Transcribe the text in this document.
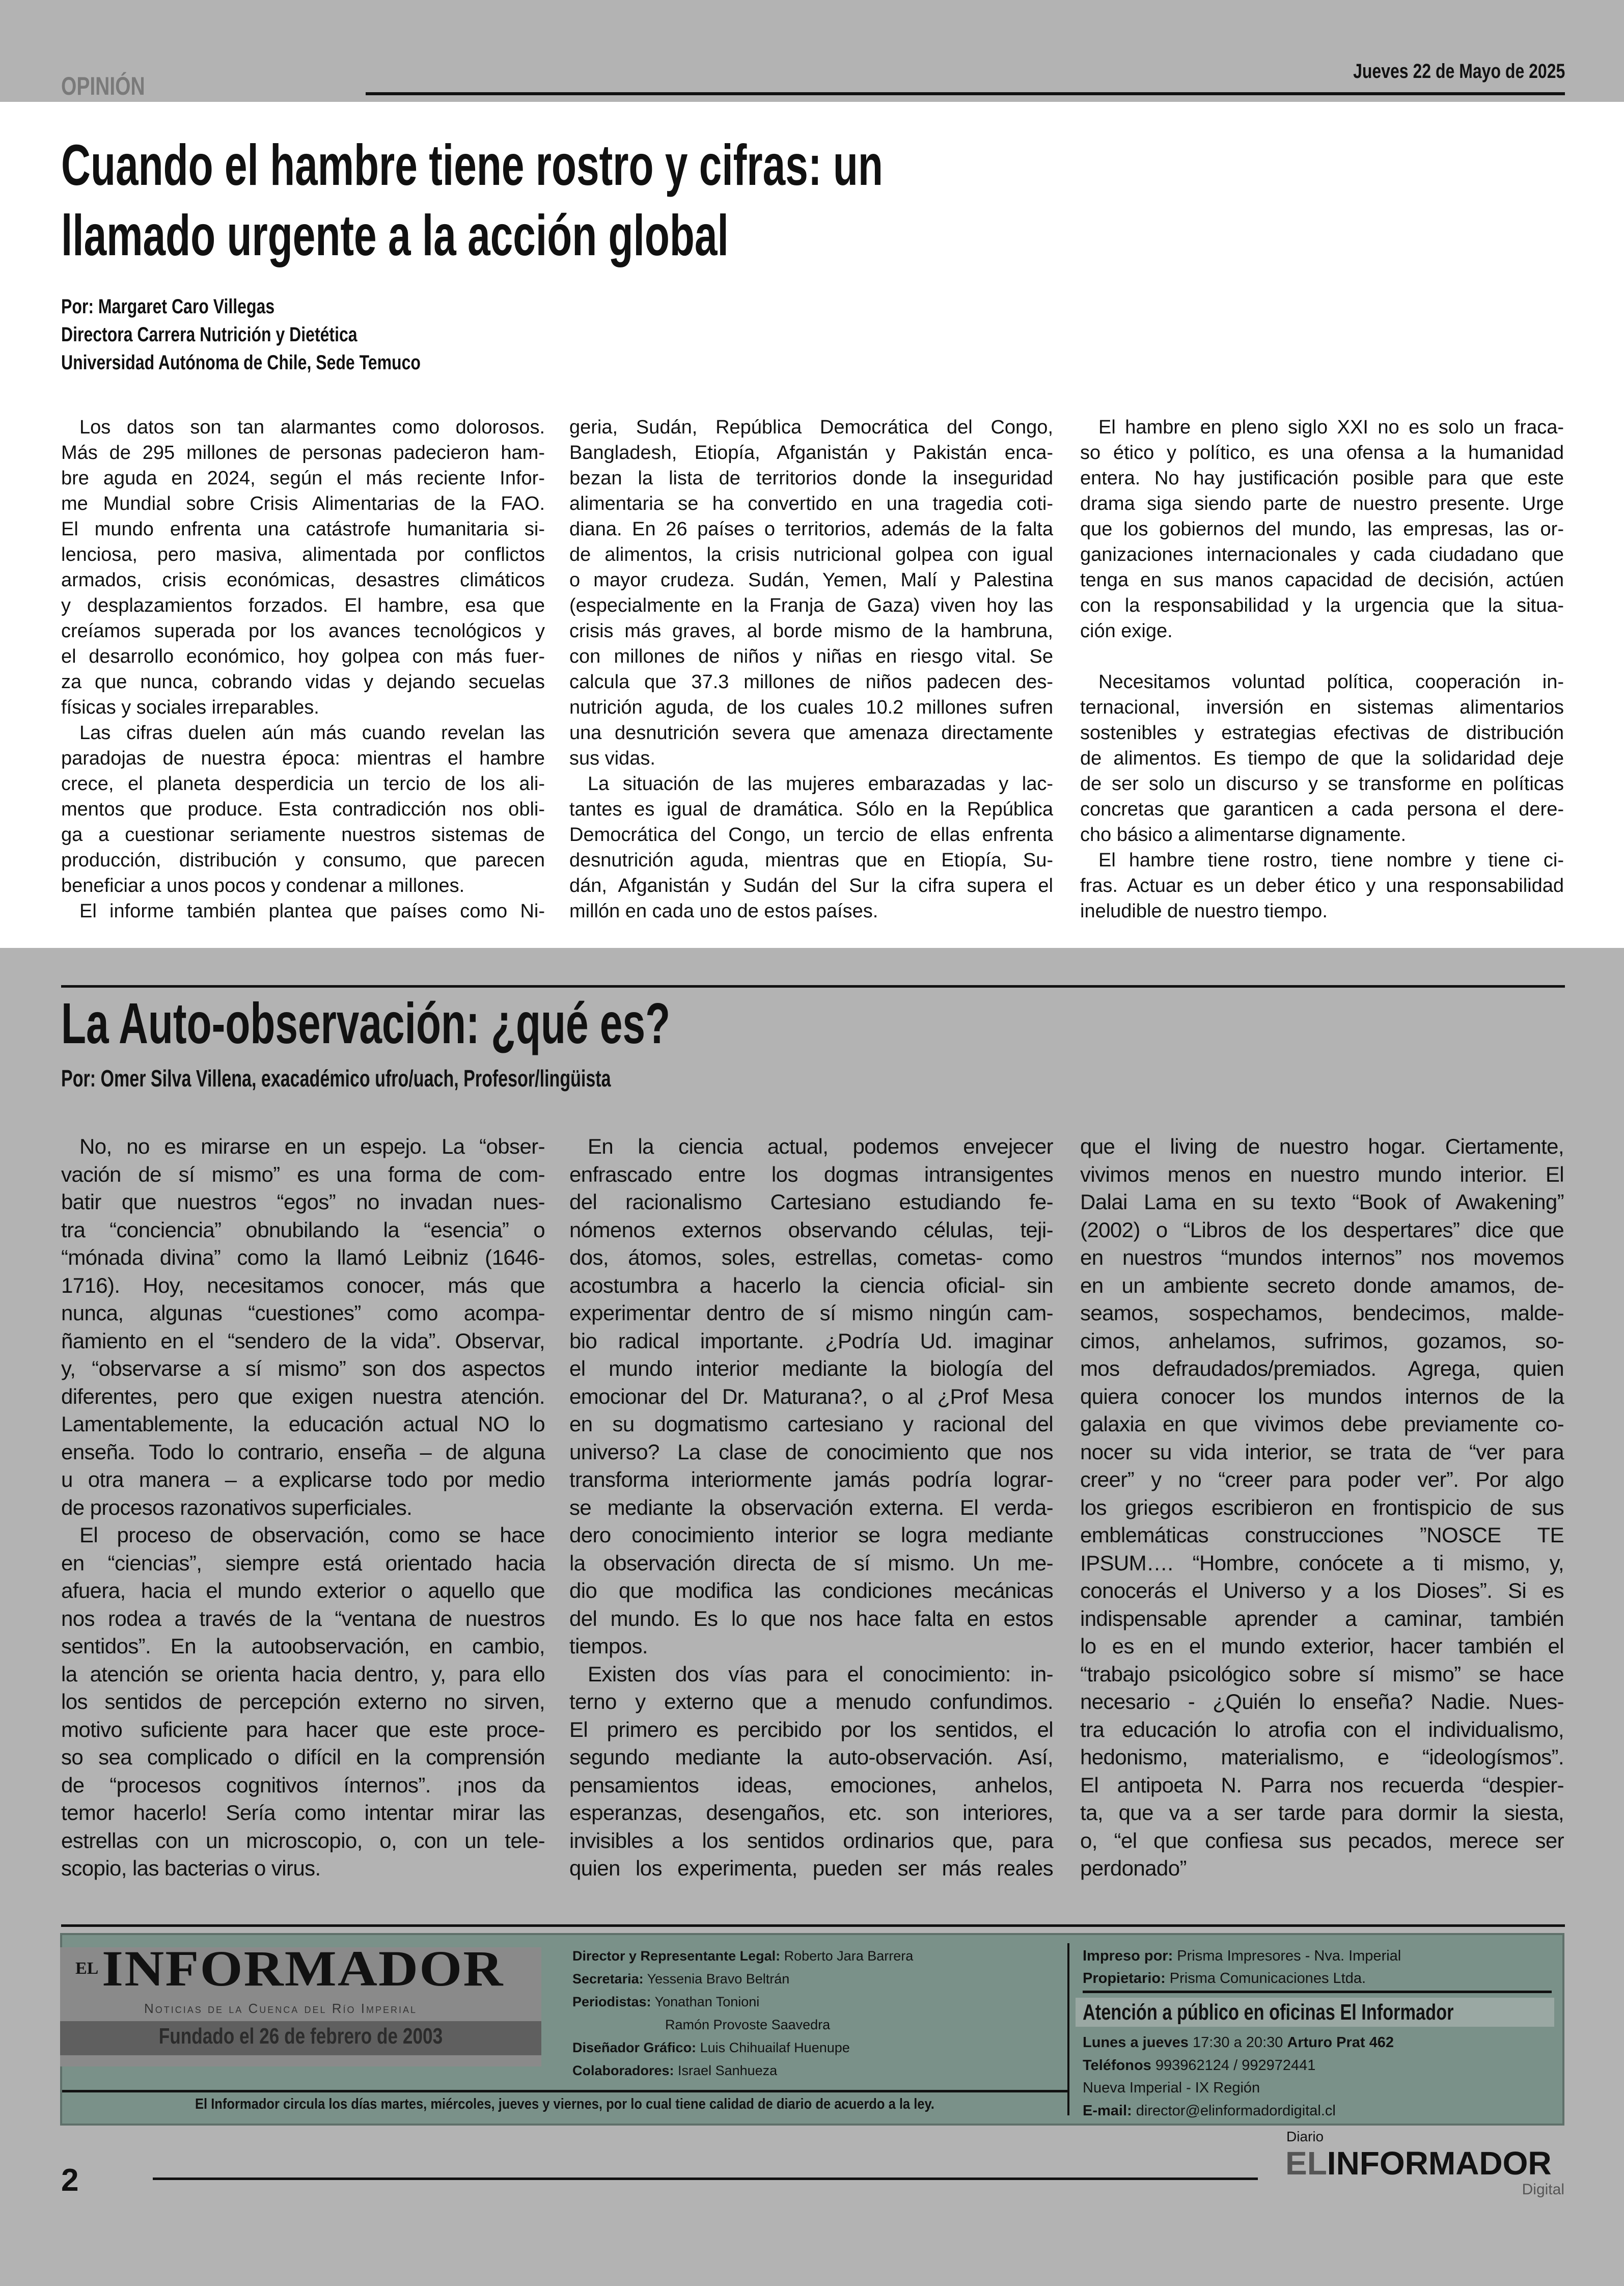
OPINIÓN
Jueves 22 de Mayo de 2025
Cuando el hambre tiene rostro y cifras: un
llamado urgente a la acción global
Por: Margaret Caro Villegas
Directora Carrera Nutrición y Dietética
Universidad Autónoma de Chile, Sede Temuco
Los datos son tan alarmantes como dolorosos.
Más de 295 millones de personas padecieron ham-
bre aguda en 2024, según el más reciente Infor-
me Mundial sobre Crisis Alimentarias de la FAO.
El mundo enfrenta una catástrofe humanitaria si-
lenciosa, pero masiva, alimentada por conflictos
armados, crisis económicas, desastres climáticos
y desplazamientos forzados. El hambre, esa que
creíamos superada por los avances tecnológicos y
el desarrollo económico, hoy golpea con más fuer-
za que nunca, cobrando vidas y dejando secuelas
físicas y sociales irreparables.
Las cifras duelen aún más cuando revelan las
paradojas de nuestra época: mientras el hambre
crece, el planeta desperdicia un tercio de los ali-
mentos que produce. Esta contradicción nos obli-
ga a cuestionar seriamente nuestros sistemas de
producción, distribución y consumo, que parecen
beneficiar a unos pocos y condenar a millones.
El informe también plantea que países como Ni-
geria, Sudán, República Democrática del Congo,
Bangladesh, Etiopía, Afganistán y Pakistán enca-
bezan la lista de territorios donde la inseguridad
alimentaria se ha convertido en una tragedia coti-
diana. En 26 países o territorios, además de la falta
de alimentos, la crisis nutricional golpea con igual
o mayor crudeza. Sudán, Yemen, Malí y Palestina
(especialmente en la Franja de Gaza) viven hoy las
crisis más graves, al borde mismo de la hambruna,
con millones de niños y niñas en riesgo vital. Se
calcula que 37.3 millones de niños padecen des-
nutrición aguda, de los cuales 10.2 millones sufren
una desnutrición severa que amenaza directamente
sus vidas.
La situación de las mujeres embarazadas y lac-
tantes es igual de dramática. Sólo en la República
Democrática del Congo, un tercio de ellas enfrenta
desnutrición aguda, mientras que en Etiopía, Su-
dán, Afganistán y Sudán del Sur la cifra supera el
millón en cada uno de estos países.
El hambre en pleno siglo XXI no es solo un fraca-
so ético y político, es una ofensa a la humanidad
entera. No hay justificación posible para que este
drama siga siendo parte de nuestro presente. Urge
que los gobiernos del mundo, las empresas, las or-
ganizaciones internacionales y cada ciudadano que
tenga en sus manos capacidad de decisión, actúen
con la responsabilidad y la urgencia que la situa-
ción exige.
Necesitamos voluntad política, cooperación in-
ternacional, inversión en sistemas alimentarios
sostenibles y estrategias efectivas de distribución
de alimentos. Es tiempo de que la solidaridad deje
de ser solo un discurso y se transforme en políticas
concretas que garanticen a cada persona el dere-
cho básico a alimentarse dignamente.
El hambre tiene rostro, tiene nombre y tiene ci-
fras. Actuar es un deber ético y una responsabilidad
ineludible de nuestro tiempo.
La Auto-observación: ¿qué es?
Por: Omer Silva Villena, exacadémico ufro/uach, Profesor/lingüista
No, no es mirarse en un espejo. La “obser-
vación de sí mismo” es una forma de com-
batir que nuestros “egos” no invadan nues-
tra “conciencia” obnubilando la “esencia” o
“mónada divina” como la llamó Leibniz (1646-
1716). Hoy, necesitamos conocer, más que
nunca, algunas “cuestiones” como acompa-
ñamiento en el “sendero de la vida”. Observar,
y, “observarse a sí mismo” son dos aspectos
diferentes, pero que exigen nuestra atención.
Lamentablemente, la educación actual NO lo
enseña. Todo lo contrario, enseña – de alguna
u otra manera – a explicarse todo por medio
de procesos razonativos superficiales.
El proceso de observación, como se hace
en “ciencias”, siempre está orientado hacia
afuera, hacia el mundo exterior o aquello que
nos rodea a través de la “ventana de nuestros
sentidos”. En la autoobservación, en cambio,
la atención se orienta hacia dentro, y, para ello
los sentidos de percepción externo no sirven,
motivo suficiente para hacer que este proce-
so sea complicado o difícil en la comprensión
de “procesos cognitivos ínternos”. ¡nos da
temor hacerlo! Sería como intentar mirar las
estrellas con un microscopio, o, con un tele-
scopio, las bacterias o virus.
En la ciencia actual, podemos envejecer
enfrascado entre los dogmas intransigentes
del racionalismo Cartesiano estudiando fe-
nómenos externos observando células, teji-
dos, átomos, soles, estrellas, cometas- como
acostumbra a hacerlo la ciencia oficial- sin
experimentar dentro de sí mismo ningún cam-
bio radical importante. ¿Podría Ud. imaginar
el mundo interior mediante la biología del
emocionar del Dr. Maturana?, o al ¿Prof Mesa
en su dogmatismo cartesiano y racional del
universo? La clase de conocimiento que nos
transforma interiormente jamás podría lograr-
se mediante la observación externa. El verda-
dero conocimiento interior se logra mediante
la observación directa de sí mismo. Un me-
dio que modifica las condiciones mecánicas
del mundo. Es lo que nos hace falta en estos
tiempos.
Existen dos vías para el conocimiento: in-
terno y externo que a menudo confundimos.
El primero es percibido por los sentidos, el
segundo mediante la auto-observación. Así,
pensamientos ideas, emociones, anhelos,
esperanzas, desengaños, etc. son interiores,
invisibles a los sentidos ordinarios que, para
quien los experimenta, pueden ser más reales
que el living de nuestro hogar. Ciertamente,
vivimos menos en nuestro mundo interior. El
Dalai Lama en su texto “Book of Awakening”
(2002) o “Libros de los despertares” dice que
en nuestros “mundos internos” nos movemos
en un ambiente secreto donde amamos, de-
seamos, sospechamos, bendecimos, malde-
cimos, anhelamos, sufrimos, gozamos, so-
mos defraudados/premiados. Agrega, quien
quiera conocer los mundos internos de la
galaxia en que vivimos debe previamente co-
nocer su vida interior, se trata de “ver para
creer” y no “creer para poder ver”. Por algo
los griegos escribieron en frontispicio de sus
emblemáticas construcciones ”NOSCE TE
IPSUM…. “Hombre, conócete a ti mismo, y,
conocerás el Universo y a los Dioses”. Si es
indispensable aprender a caminar, también
lo es en el mundo exterior, hacer también el
“trabajo psicológico sobre sí mismo” se hace
necesario - ¿Quién lo enseña? Nadie. Nues-
tra educación lo atrofia con el individualismo,
hedonismo, materialismo, e “ideologísmos”.
El antipoeta N. Parra nos recuerda “despier-
ta, que va a ser tarde para dormir la siesta,
o, “el que confiesa sus pecados, merece ser
perdonado”
EL INFORMADOR
Noticias de la Cuenca del Río Imperial
Fundado el 26 de febrero de 2003
Director y Representante Legal: Roberto Jara Barrera
Secretaria: Yessenia Bravo Beltrán
Periodistas: Yonathan Tonioni
Ramón Provoste Saavedra
Diseñador Gráfico: Luis Chihuailaf Huenupe
Colaboradores: Israel Sanhueza
El Informador circula los días martes, miércoles, jueves y viernes, por lo cual tiene calidad de diario de acuerdo a la ley.
Impreso por: Prisma Impresores - Nva. Imperial
Propietario: Prisma Comunicaciones Ltda.
Atención a público en oficinas El Informador
Lunes a jueves 17:30 a 20:30 Arturo Prat 462
Teléfonos 993962124 / 992972441
Nueva Imperial - IX Región
E-mail: director@elinformadordigital.cl
2
Diario
ELINFORMADOR
Digital
